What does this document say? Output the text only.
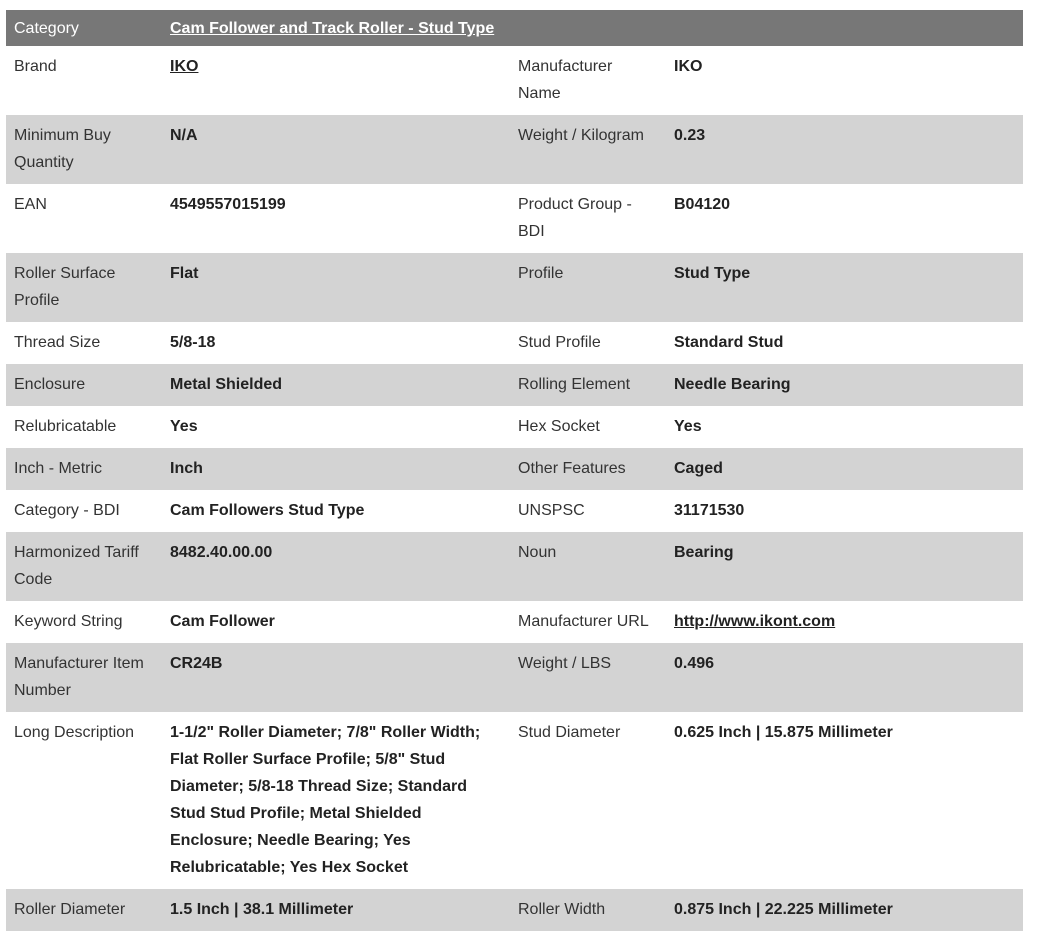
Category	Cam Follower and Track Roller - Stud Type		
Brand	IKO	Manufacturer Name	IKO
Minimum Buy Quantity	N/A	Weight / Kilogram	0.23
EAN	4549557015199	Product Group - BDI	B04120
Roller Surface Profile	Flat	Profile	Stud Type
Thread Size	5/8-18	Stud Profile	Standard Stud
Enclosure	Metal Shielded	Rolling Element	Needle Bearing
Relubricatable	Yes	Hex Socket	Yes
Inch - Metric	Inch	Other Features	Caged
Category - BDI	Cam Followers Stud Type	UNSPSC	31171530
Harmonized Tariff Code	8482.40.00.00	Noun	Bearing
Keyword String	Cam Follower	Manufacturer URL	http://www.ikont.com
Manufacturer Item Number	CR24B	Weight / LBS	0.496
Long Description	1-1/2" Roller Diameter; 7/8" Roller Width; Flat Roller Surface Profile; 5/8" Stud Diameter; 5/8-18 Thread Size; Standard Stud Stud Profile; Metal Shielded Enclosure; Needle Bearing; Yes Relubricatable; Yes Hex Socket	Stud Diameter	0.625 Inch | 15.875 Millimeter
Roller Diameter	1.5 Inch | 38.1 Millimeter	Roller Width	0.875 Inch | 22.225 Millimeter
